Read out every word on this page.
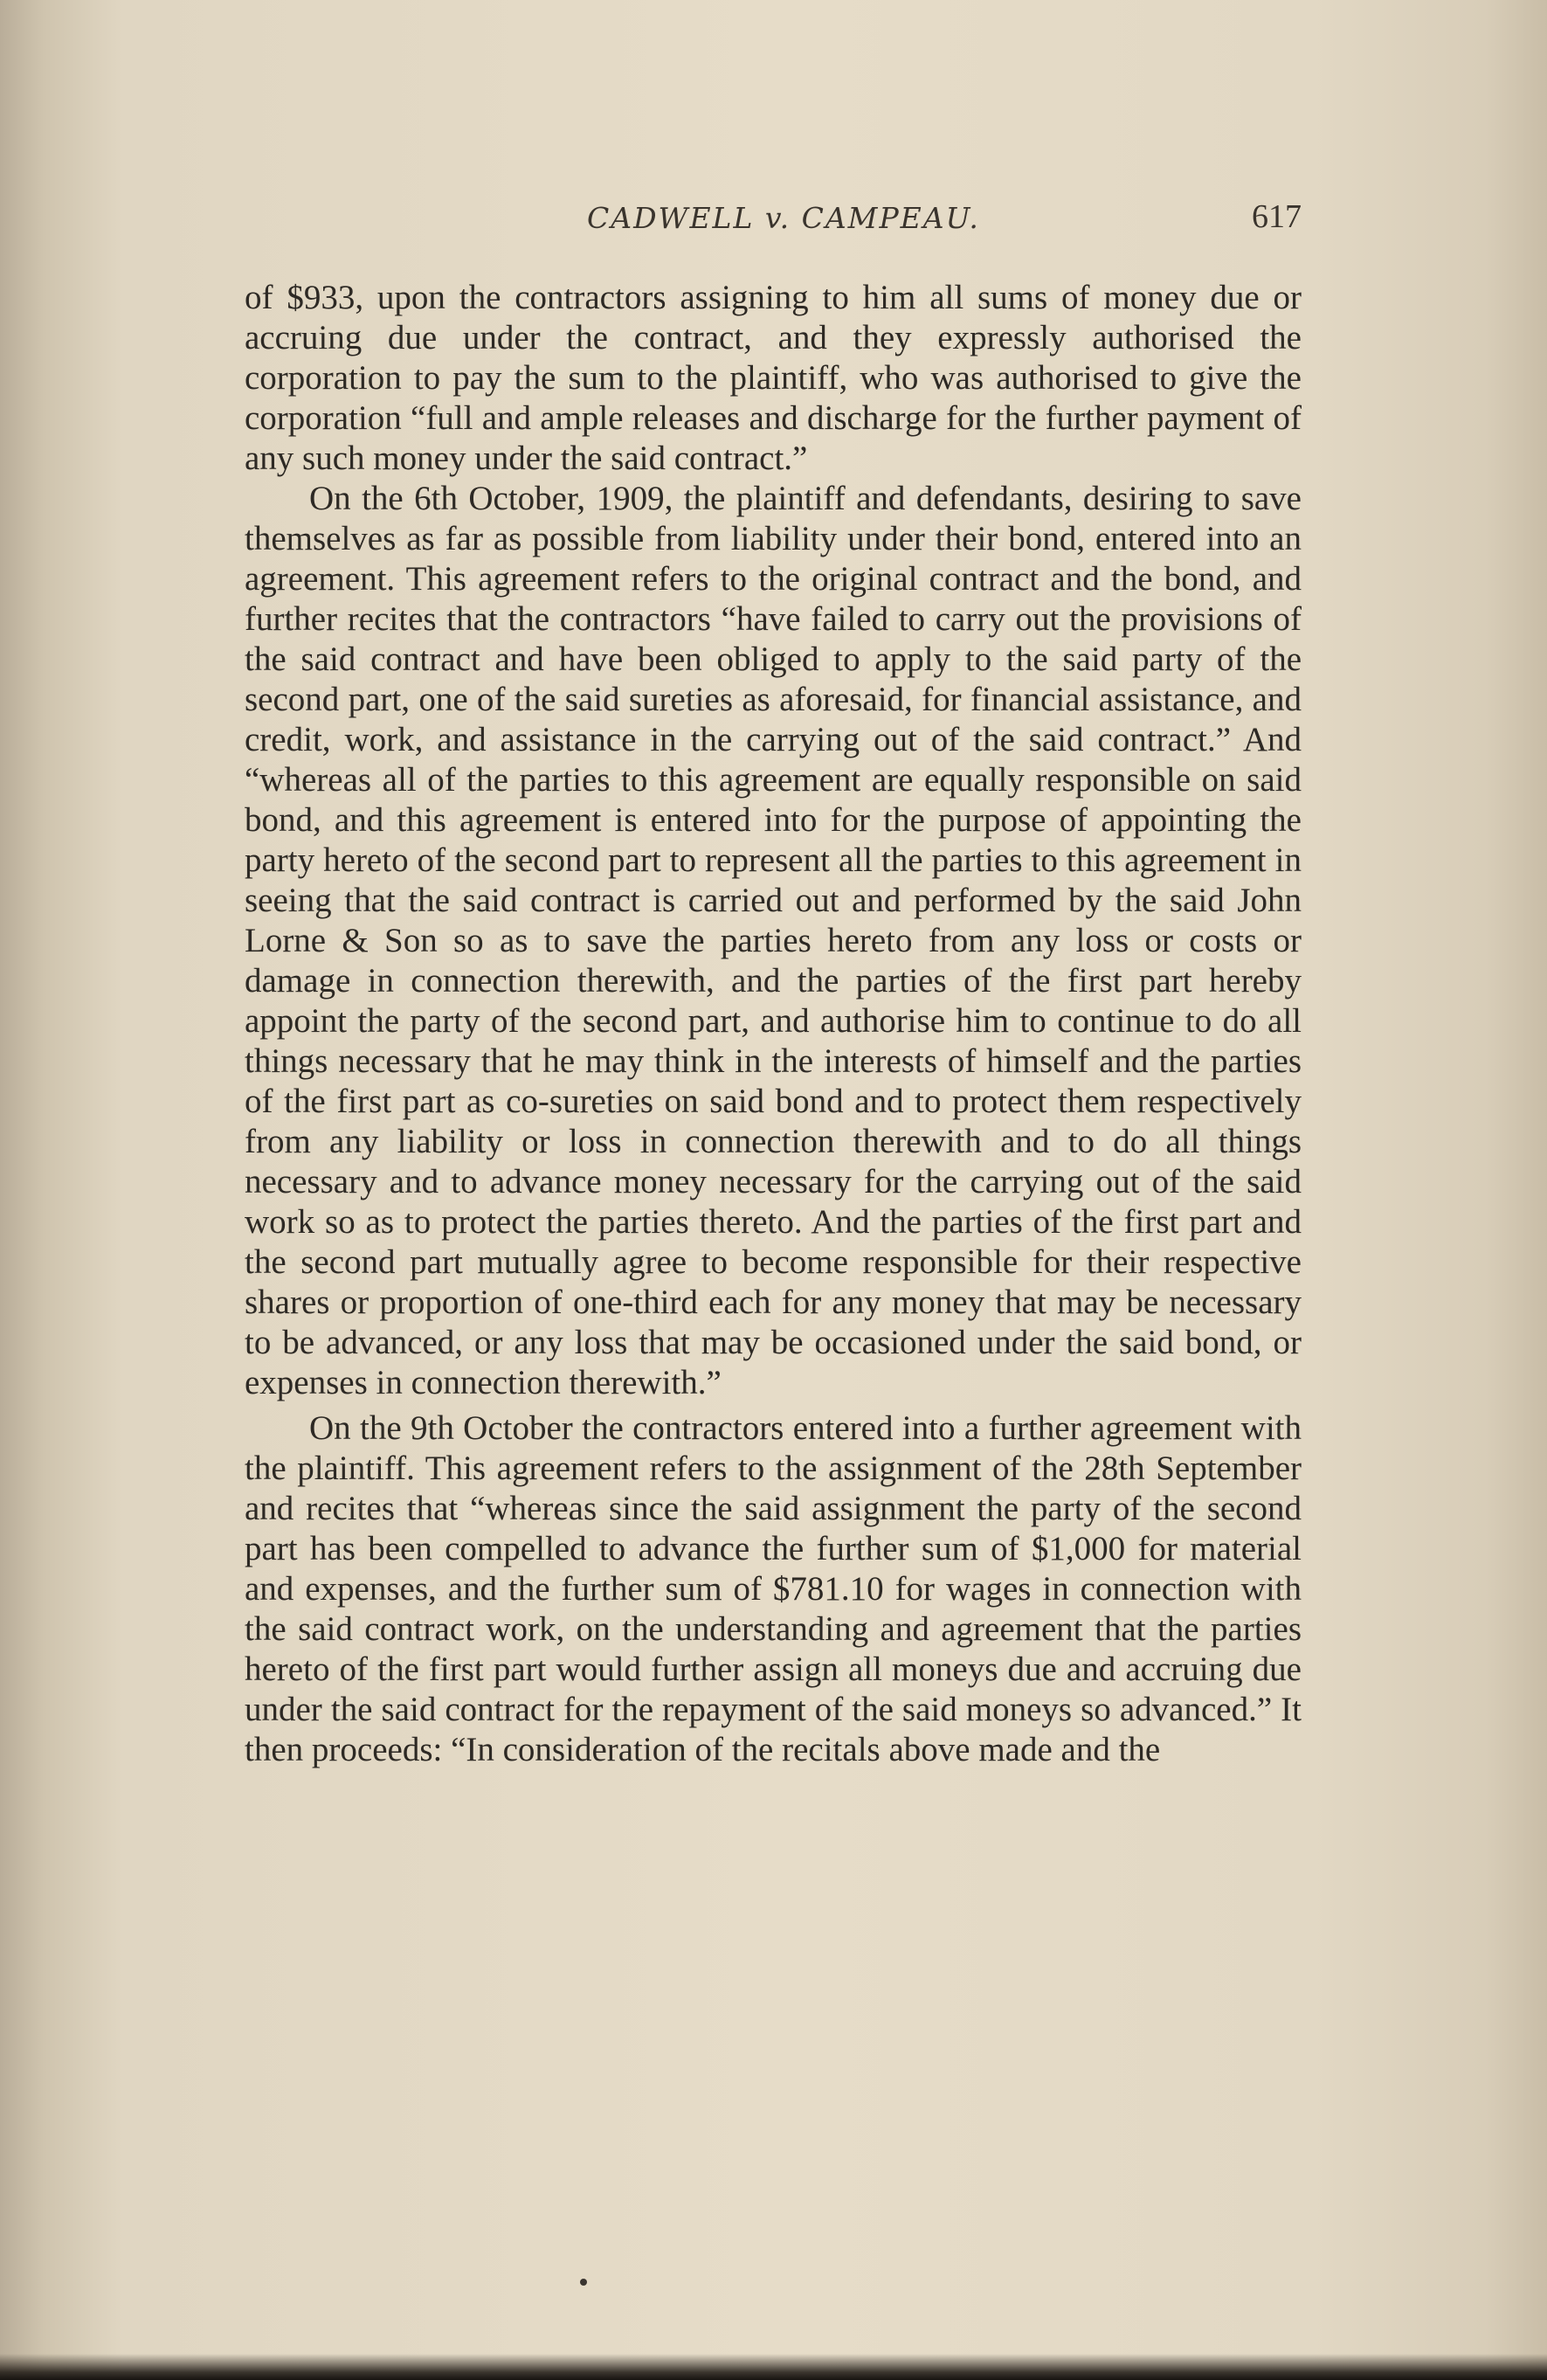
CADWELL v. CAMPEAU.	617

of $933, upon the contractors assigning to him all sums of money due or accruing due under the contract, and they expressly authorised the corporation to pay the sum to the plaintiff, who was authorised to give the corporation “full and ample releases and discharge for the further payment of any such money under the said contract.”

On the 6th October, 1909, the plaintiff and defendants, desiring to save themselves as far as possible from liability under their bond, entered into an agreement. This agreement refers to the original contract and the bond, and further recites that the contractors “have failed to carry out the provisions of the said contract and have been obliged to apply to the said party of the second part, one of the said sureties as aforesaid, for financial assistance, and credit, work, and assistance in the carrying out of the said contract.” And “whereas all of the parties to this agreement are equally responsible on said bond, and this agreement is entered into for the purpose of appointing the party hereto of the second part to represent all the parties to this agreement in seeing that the said contract is carried out and performed by the said John Lorne & Son so as to save the parties hereto from any loss or costs or damage in connection therewith, and the parties of the first part hereby appoint the party of the second part, and authorise him to continue to do all things necessary that he may think in the interests of himself and the parties of the first part as co-sureties on said bond and to protect them respectively from any liability or loss in connection therewith and to do all things necessary and to advance money necessary for the carrying out of the said work so as to protect the parties thereto. And the parties of the first part and the second part mutually agree to become responsible for their respective shares or proportion of one-third each for any money that may be necessary to be advanced, or any loss that may be occasioned under the said bond, or expenses in connection therewith.”

On the 9th October the contractors entered into a further agreement with the plaintiff. This agreement refers to the assignment of the 28th September and recites that “whereas since the said assignment the party of the second part has been compelled to advance the further sum of $1,000 for material and expenses, and the further sum of $781.10 for wages in connection with the said contract work, on the understanding and agreement that the parties hereto of the first part would further assign all moneys due and accruing due under the said contract for the repayment of the said moneys so advanced.” It then proceeds: “In consideration of the recitals above made and the
